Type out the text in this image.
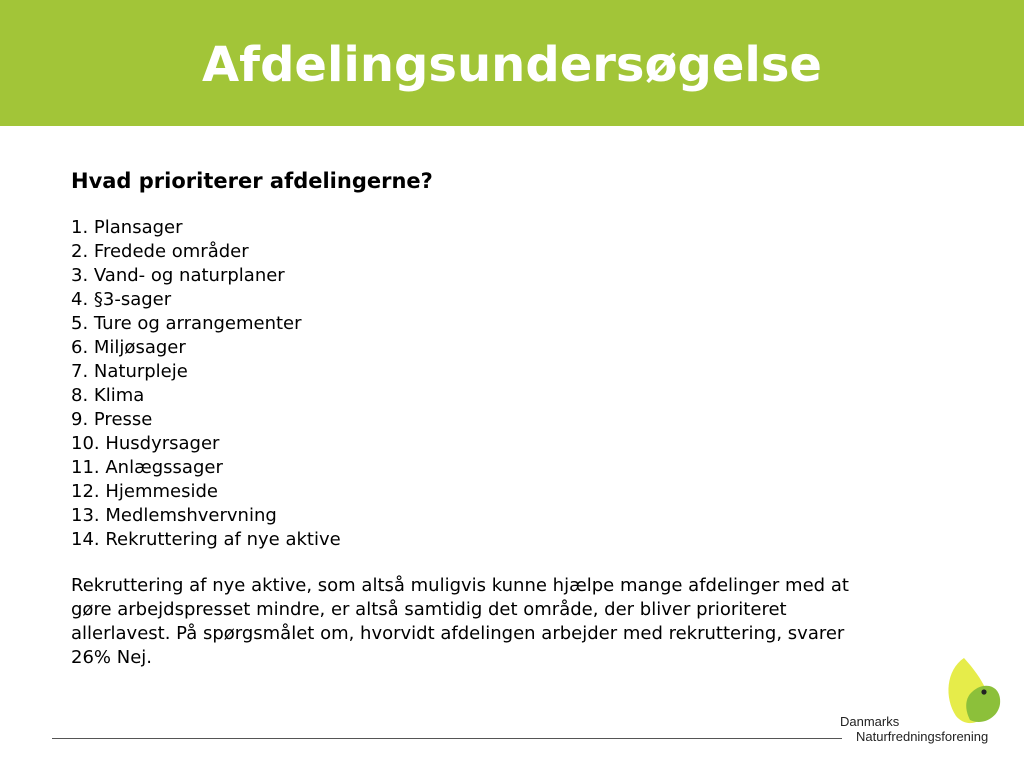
Afdelingsundersøgelse
Hvad prioriterer afdelingerne?
1. Plansager
2. Fredede områder
3. Vand- og naturplaner
4. §3-sager
5. Ture og arrangementer
6. Miljøsager
7. Naturpleje
8. Klima
9. Presse
10. Husdyrsager
11. Anlægssager
12. Hjemmeside
13. Medlemshvervning
14. Rekruttering af nye aktive

Rekruttering af nye aktive, som altså muligvis kunne hjælpe mange afdelinger med at gøre arbejdspresset mindre, er altså samtidig det område, der bliver prioriteret allerlavest. På spørgsmålet om, hvorvidt afdelingen arbejder med rekruttering, svarer 26% Nej.

Danmarks
Naturfredningsforening
